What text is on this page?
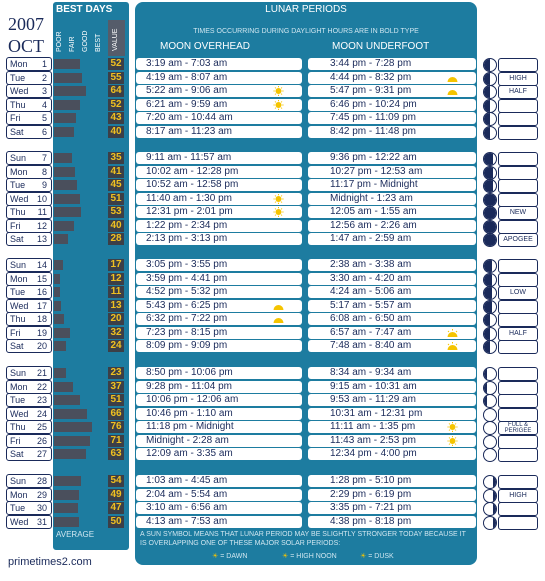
2007
OCT
BEST DAYS
VALUE
POOR FAIR GOOD BEST
LUNAR PERIODS
TIMES OCCURRING DURING DAYLIGHT HOURS ARE IN BOLD TYPE
MOON OVERHEAD	MOON UNDERFOOT
Mon 1	52 3:19 am - 7:03 am	3:44 pm - 7:28 pm
Tue 2	55 4:19 am - 8:07 am	4:44 pm - 8:32 pm	HIGH
Wed 3	64 5:22 am - 9:06 am	5:47 pm - 9:31 pm	HALF
Thu 4	52 6:21 am - 9:59 am	6:46 pm - 10:24 pm
Fri 5	43 7:20 am - 10:44 am	7:45 pm - 11:09 pm
Sat 6	40 8:17 am - 11:23 am	8:42 pm - 11:48 pm
Sun 7	35 9:11 am - 11:57 am	9:36 pm - 12:22 am
Mon 8	41 10:02 am - 12:28 pm	10:27 pm - 12:53 am
Tue 9	45 10:52 am - 12:58 pm	11:17 pm - Midnight
Wed 10	51 11:40 am - 1:30 pm	Midnight - 1:23 am
Thu 11	53 12:31 pm - 2:01 pm	12:05 am - 1:55 am	NEW
Fri 12	40 1:22 pm - 2:34 pm	12:56 am - 2:26 am
Sat 13	28 2:13 pm - 3:13 pm	1:47 am - 2:59 am	APOGEE
Sun 14	17 3:05 pm - 3:55 pm	2:38 am - 3:38 am
Mon 15	12 3:59 pm - 4:41 pm	3:30 am - 4:20 am
Tue 16	11 4:52 pm - 5:32 pm	4:24 am - 5:06 am	LOW
Wed 17	13 5:43 pm - 6:25 pm	5:17 am - 5:57 am
Thu 18	20 6:32 pm - 7:22 pm	6:08 am - 6:50 am
Fri 19	32 7:23 pm - 8:15 pm	6:57 am - 7:47 am	HALF
Sat 20	24 8:09 pm - 9:09 pm	7:48 am - 8:40 am
Sun 21	23 8:50 pm - 10:06 pm	8:34 am - 9:34 am
Mon 22	37 9:28 pm - 11:04 pm	9:15 am - 10:31 am
Tue 23	51 10:06 pm - 12:06 am	9:53 am - 11:29 am
Wed 24	66 10:46 pm - 1:10 am	10:31 am - 12:31 pm
Thu 25	76 11:18 pm - Midnight	11:11 am - 1:35 pm	FULL & PERIGEE
Fri 26	71 Midnight - 2:28 am	11:43 am - 2:53 pm
Sat 27	63 12:09 am - 3:35 am	12:34 pm - 4:00 pm
Sun 28	54 1:03 am - 4:45 am	1:28 pm - 5:10 pm
Mon 29	49 2:04 am - 5:54 am	2:29 pm - 6:19 pm	HIGH
Tue 30	47 3:10 am - 6:56 am	3:35 pm - 7:21 pm
Wed 31	50 4:13 am - 7:53 am	4:38 pm - 8:18 pm
AVERAGE	A SUN SYMBOL MEANS THAT LUNAR PERIOD MAY BE SLIGHTLY STRONGER TODAY BECAUSE IT IS OVERLAPPING ONE OF THESE MAJOR SOLAR PERIODS:
☀ = DAWN	☀ = HIGH NOON	☀ = DUSK
primetimes2.com
